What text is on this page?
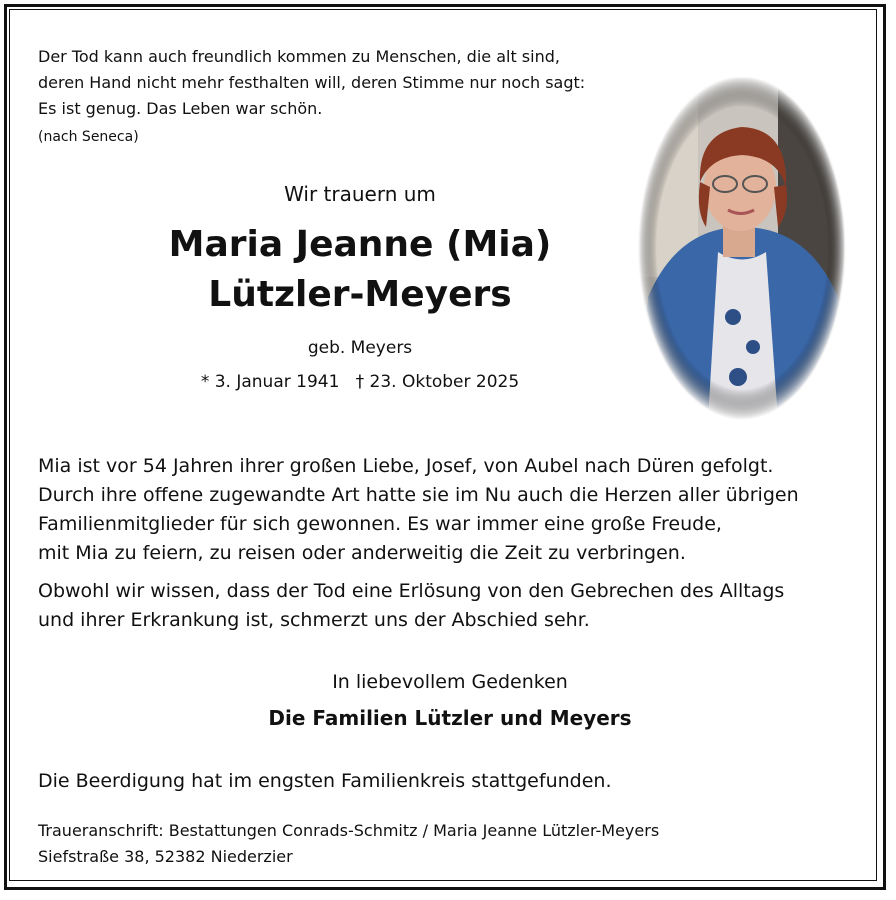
Der Tod kann auch freundlich kommen zu Menschen, die alt sind,
deren Hand nicht mehr festhalten will, deren Stimme nur noch sagt:
Es ist genug. Das Leben war schön.
(nach Seneca)
Wir trauern um
Maria Jeanne (Mia)
Lützler-Meyers
geb. Meyers
* 3. Januar 1941   † 23. Oktober 2025
Mia ist vor 54 Jahren ihrer großen Liebe, Josef, von Aubel nach Düren gefolgt.
Durch ihre offene zugewandte Art hatte sie im Nu auch die Herzen aller übrigen
Familienmitglieder für sich gewonnen. Es war immer eine große Freude,
mit Mia zu feiern, zu reisen oder anderweitig die Zeit zu verbringen.
Obwohl wir wissen, dass der Tod eine Erlösung von den Gebrechen des Alltags
und ihrer Erkrankung ist, schmerzt uns der Abschied sehr.
In liebevollem Gedenken
Die Familien Lützler und Meyers
Die Beerdigung hat im engsten Familienkreis stattgefunden.
Traueranschrift: Bestattungen Conrads-Schmitz / Maria Jeanne Lützler-Meyers
Siefstraße 38, 52382 Niederzier
